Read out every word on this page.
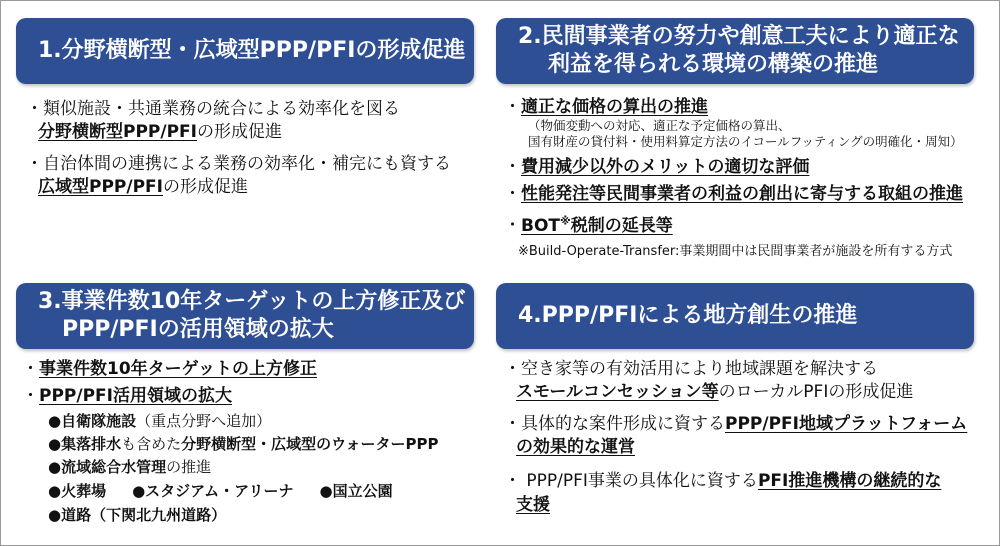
1.分野横断型・広域型PPP/PFIの形成促進
・類似施設・共通業務の統合による効率化を図る
分野横断型PPP/PFIの形成促進
・自治体間の連携による業務の効率化・補完にも資する
広域型PPP/PFIの形成促進
2.民間事業者の努力や創意工夫により適正な
利益を得られる環境の構築の推進
・適正な価格の算出の推進
（物価変動への対応、適正な予定価格の算出、
国有財産の貸付料・使用料算定方法のイコールフッティングの明確化・周知）
・費用減少以外のメリットの適切な評価
・性能発注等民間事業者の利益の創出に寄与する取組の推進
・BOT※税制の延長等
※Build-Operate-Transfer:事業期間中は民間事業者が施設を所有する方式
3.事業件数10年ターゲットの上方修正及び
PPP/PFIの活用領域の拡大
・事業件数10年ターゲットの上方修正
・PPP/PFI活用領域の拡大
●自衛隊施設（重点分野へ追加）
●集落排水も含めた分野横断型・広域型のウォーターPPP
●流域総合水管理の推進
●火葬場 ●スタジアム・アリーナ ●国立公園
●道路（下関北九州道路）
4.PPP/PFIによる地方創生の推進
・空き家等の有効活用により地域課題を解決する
スモールコンセッション等のローカルPFIの形成促進
・具体的な案件形成に資するPPP/PFI地域プラットフォーム
の効果的な運営
・ PPP/PFI事業の具体化に資するPFI推進機構の継続的な
支援
